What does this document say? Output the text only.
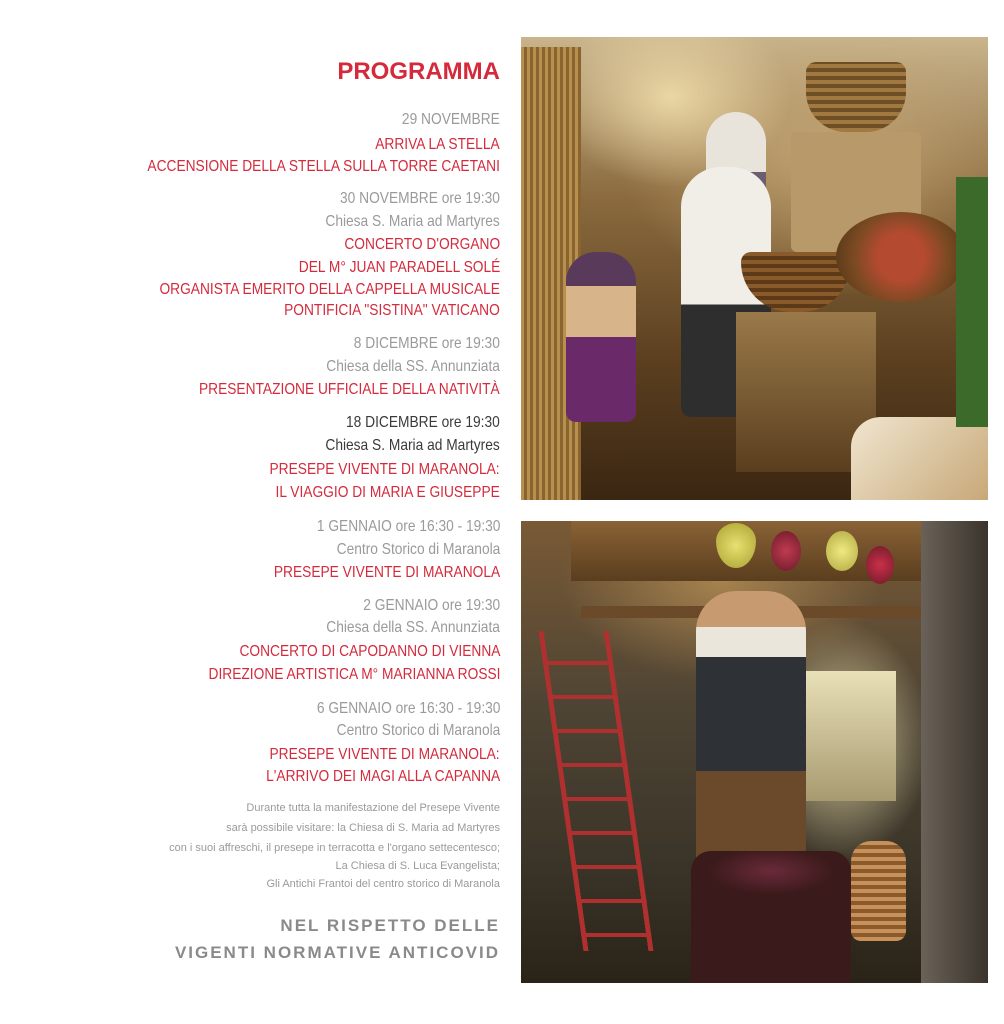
PROGRAMMA
29 NOVEMBRE
ARRIVA LA STELLA
ACCENSIONE DELLA STELLA SULLA TORRE CAETANI
30 NOVEMBRE ore 19:30
Chiesa S. Maria ad Martyres
CONCERTO D'ORGANO
DEL M° JUAN PARADELL SOLÉ
ORGANISTA EMERITO DELLA CAPPELLA MUSICALE
PONTIFICIA "SISTINA" VATICANO
8 DICEMBRE ore 19:30
Chiesa della SS. Annunziata
PRESENTAZIONE UFFICIALE DELLA NATIVITÀ
18 DICEMBRE ore 19:30
Chiesa S. Maria ad Martyres
PRESEPE VIVENTE DI MARANOLA:
IL VIAGGIO DI MARIA E GIUSEPPE
1 GENNAIO ore 16:30 - 19:30
Centro Storico di Maranola
PRESEPE VIVENTE DI MARANOLA
2 GENNAIO ore 19:30
Chiesa della SS. Annunziata
CONCERTO DI CAPODANNO DI VIENNA
DIREZIONE ARTISTICA M° MARIANNA ROSSI
6 GENNAIO ore 16:30 - 19:30
Centro Storico di Maranola
PRESEPE VIVENTE DI MARANOLA:
L'ARRIVO DEI MAGI ALLA CAPANNA
Durante tutta la manifestazione del Presepe Vivente
sarà possibile visitare: la Chiesa di S. Maria ad Martyres
con i suoi affreschi, il presepe in terracotta e l'organo settecentesco;
La Chiesa di S. Luca Evangelista;
Gli Antichi Frantoi del centro storico di Maranola
NEL RISPETTO DELLE
VIGENTI NORMATIVE ANTICOVID
